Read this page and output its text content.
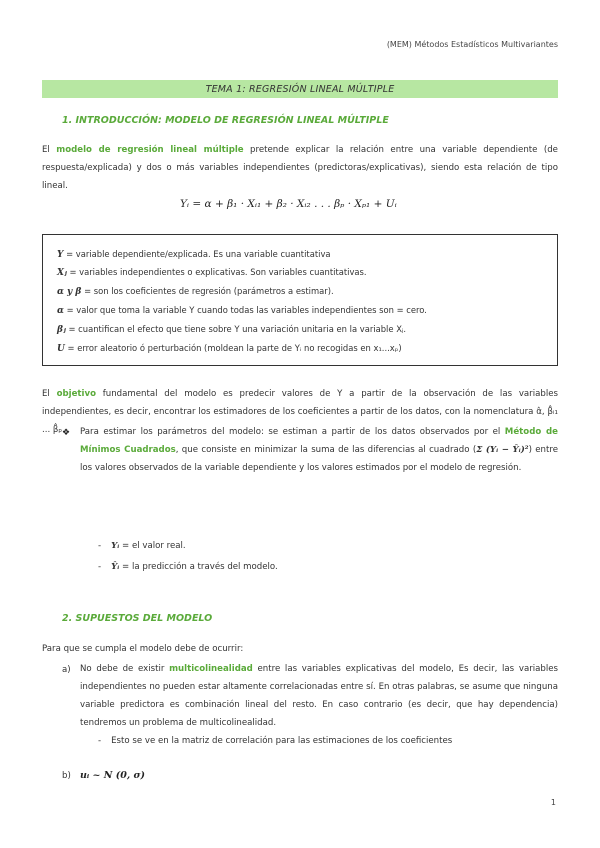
(MEM) Métodos Estadísticos Multivariantes
TEMA 1: REGRESIÓN LINEAL MÚLTIPLE
1. INTRODUCCIÓN: MODELO DE REGRESIÓN LINEAL MÚLTIPLE
El modelo de regresión lineal múltiple pretende explicar la relación entre una variable dependiente (de respuesta/explicada) y dos o más variables independientes (predictoras/explicativas), siendo esta relación de tipo lineal.
Yᵢ = α + β₁ · Xᵢ₁ + β₂ · Xᵢ₂ . . . βₚ · Xₚ₁ + Uᵢ
Y = variable dependiente/explicada. Es una variable cuantitativa
Xⱼ = variables independientes o explicativas. Son variables cuantitativas.
α y β = son los coeficientes de regresión (parámetros a estimar).
α = valor que toma la variable Y cuando todas las variables independientes son = cero.
βⱼ = cuantifican el efecto que tiene sobre Y una variación unitaria en la variable Xⱼ.
U = error aleatorio ó perturbación (moldean la parte de Yᵢ no recogidas en x₁...xₚ)
El objetivo fundamental del modelo es predecir valores de Y a partir de la observación de las variables independientes, es decir, encontrar los estimadores de los coeficientes a partir de los datos, con la nomenclatura α̂, β̂ᵢ₁ ... β̂ₚ.
❖ Para estimar los parámetros del modelo: se estiman a partir de los datos observados por el Método de Mínimos Cuadrados, que consiste en minimizar la suma de las diferencias al cuadrado (Σ (Yᵢ − Ŷᵢ)²) entre los valores observados de la variable dependiente y los valores estimados por el modelo de regresión.
- Yᵢ = el valor real.
- Ŷᵢ = la predicción a través del modelo.
2. SUPUESTOS DEL MODELO
Para que se cumpla el modelo debe de ocurrir:
a) No debe de existir multicolinealidad entre las variables explicativas del modelo, Es decir, las variables independientes no pueden estar altamente correlacionadas entre sí. En otras palabras, se asume que ninguna variable predictora es combinación lineal del resto. En caso contrario (es decir, que hay dependencia) tendremos un problema de multicolinealidad.
- Esto se ve en la matriz de correlación para las estimaciones de los coeficientes
b) uᵢ ~ N (0, σ)
1
